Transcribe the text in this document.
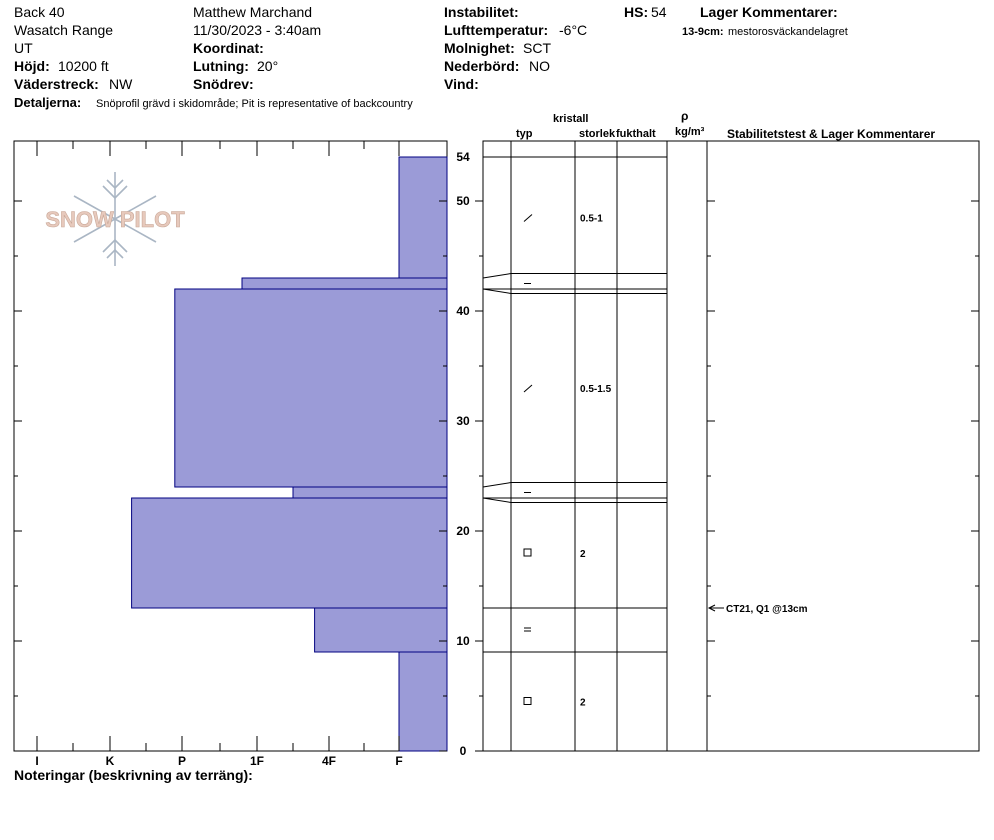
Back 40
Wasatch Range
UT
Höjd: 10200 ft
Väderstreck: NW
Matthew Marchand
11/30/2023 - 3:40am
Koordinat:
Lutning: 20°
Snödrev:
Instabilitet:
Lufttemperatur: -6°C
Molnighet: SCT
Nederbörd: NO
Vind:
HS: 54 Lager Kommentarer:
13-9cm: mestorosväckandelagret
Detaljerna: Snöprofil grävd i skidområde; Pit is representative of backcountry
kristall
typ	storlek fukthalt
ρ
kg/m³ Stabilitetstest & Lager Kommentarer
SNOW PILOT
I	K	P	1F	4F	F
0
10
20
30
40
50
54
0.5-1
0.5-1.5
2
2
CT21, Q1 @13cm
Noteringar (beskrivning av terräng):
